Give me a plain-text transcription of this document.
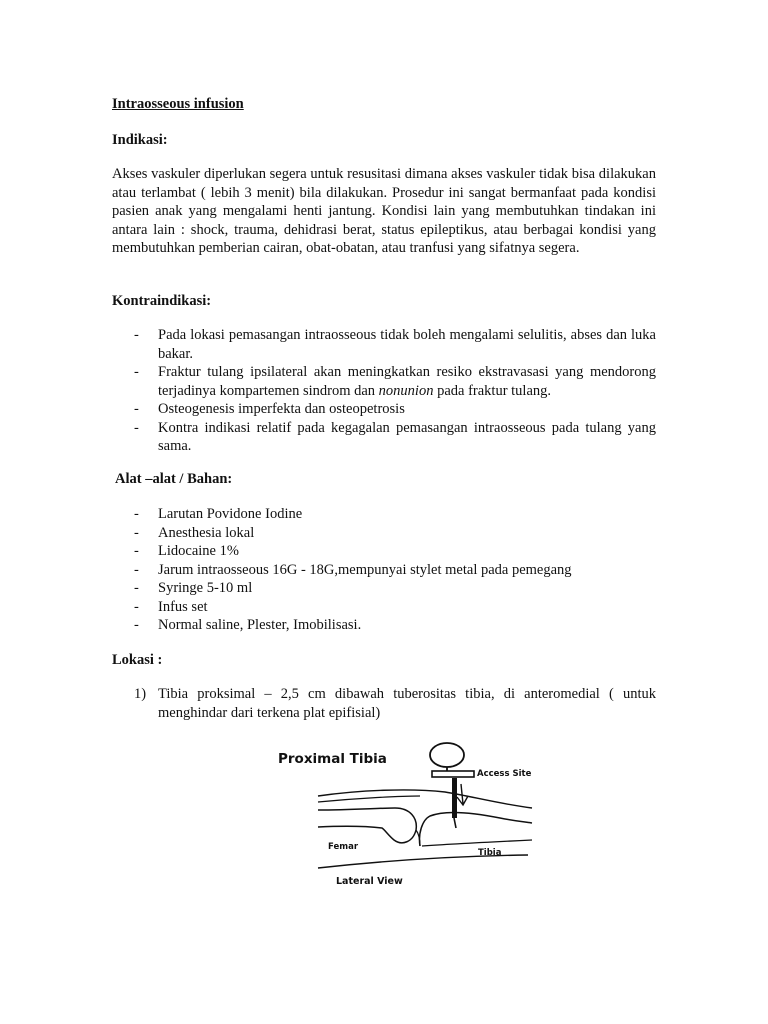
Intraosseous infusion
Indikasi:
Akses vaskuler diperlukan segera untuk resusitasi dimana akses vaskuler tidak bisa dilakukan atau terlambat ( lebih 3 menit) bila dilakukan. Prosedur ini sangat bermanfaat pada kondisi pasien anak yang mengalami henti jantung. Kondisi lain yang membutuhkan tindakan ini antara lain : shock, trauma, dehidrasi berat, status epileptikus, atau berbagai kondisi yang membutuhkan pemberian cairan, obat-obatan, atau tranfusi yang sifatnya segera.
Kontraindikasi:
- Pada lokasi pemasangan intraosseous tidak boleh mengalami selulitis, abses dan luka bakar.
- Fraktur tulang ipsilateral akan meningkatkan resiko ekstravasasi yang mendorong terjadinya kompartemen sindrom dan nonunion pada fraktur tulang.
- Osteogenesis imperfekta dan osteopetrosis
- Kontra indikasi relatif pada kegagalan pemasangan intraosseous pada tulang yang sama.
Alat –alat / Bahan:
- Larutan Povidone Iodine
- Anesthesia lokal
- Lidocaine 1%
- Jarum intraosseous 16G - 18G,mempunyai stylet metal pada pemegang
- Syringe 5-10 ml
- Infus set
- Normal saline, Plester, Imobilisasi.
Lokasi :
1) Tibia proksimal – 2,5 cm dibawah tuberositas tibia, di anteromedial ( untuk menghindar dari terkena plat epifisial)
Proximal Tibia
Access Site
Femar
Tibia
Lateral View
